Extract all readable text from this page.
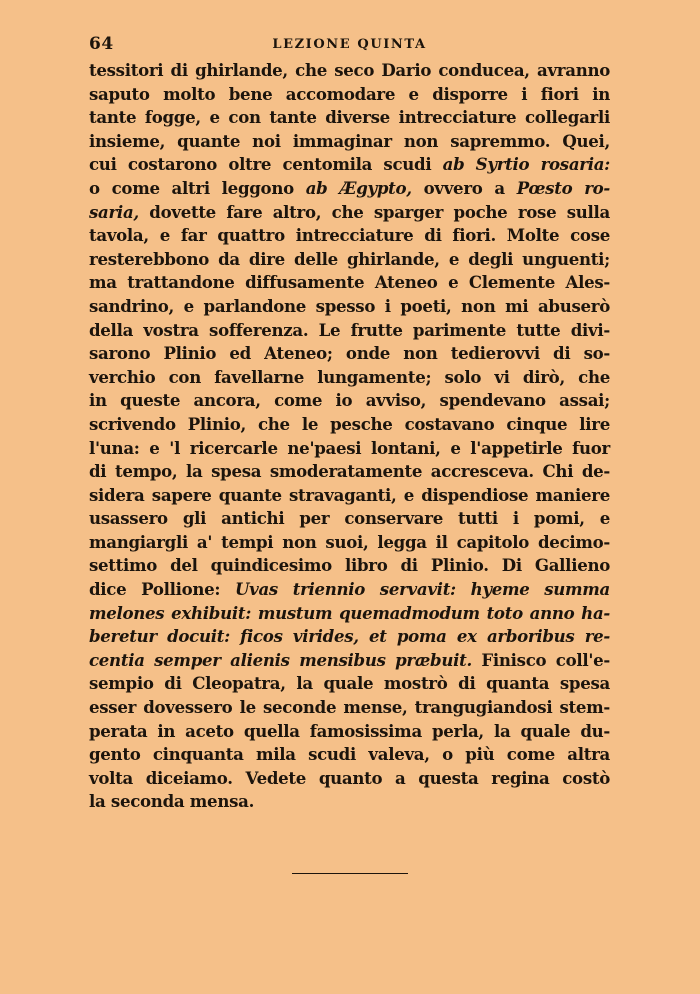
64	LEZIONE QUINTA
tessitori di ghirlande, che seco Dario conducea, avranno
saputo molto bene accomodare e disporre i fiori in
tante fogge, e con tante diverse intrecciature collegarli
insieme, quante noi immaginar non sapremmo. Quei,
cui costarono oltre centomila scudi ab Syrtio rosaria:
o come altri leggono ab Ægypto, ovvero a Pœsto ro-
saria, dovette fare altro, che sparger poche rose sulla
tavola, e far quattro intrecciature di fiori. Molte cose
resterebbono da dire delle ghirlande, e degli unguenti;
ma trattandone diffusamente Ateneo e Clemente Ales-
sandrino, e parlandone spesso i poeti, non mi abuserò
della vostra sofferenza. Le frutte parimente tutte divi-
sarono Plinio ed Ateneo; onde non tedierovvi di so-
verchio con favellarne lungamente; solo vi dirò, che
in queste ancora, come io avviso, spendevano assai;
scrivendo Plinio, che le pesche costavano cinque lire
l'una: e 'l ricercarle ne'paesi lontani, e l'appetirle fuor
di tempo, la spesa smoderatamente accresceva. Chi de-
sidera sapere quante stravaganti, e dispendiose maniere
usassero gli antichi per conservare tutti i pomi, e
mangiargli a' tempi non suoi, legga il capitolo decimo-
settimo del quindicesimo libro di Plinio. Di Gallieno
dice Pollione: Uvas triennio servavit: hyeme summa
melones exhibuit: mustum quemadmodum toto anno ha-
beretur docuit: ficos virides, et poma ex arboribus re-
centia semper alienis mensibus præbuit. Finisco coll'e-
sempio di Cleopatra, la quale mostrò di quanta spesa
esser dovessero le seconde mense, trangugiandosi stem-
perata in aceto quella famosissima perla, la quale du-
gento cinquanta mila scudi valeva, o più come altra
volta diceiamo. Vedete quanto a questa regina costò
la seconda mensa.
